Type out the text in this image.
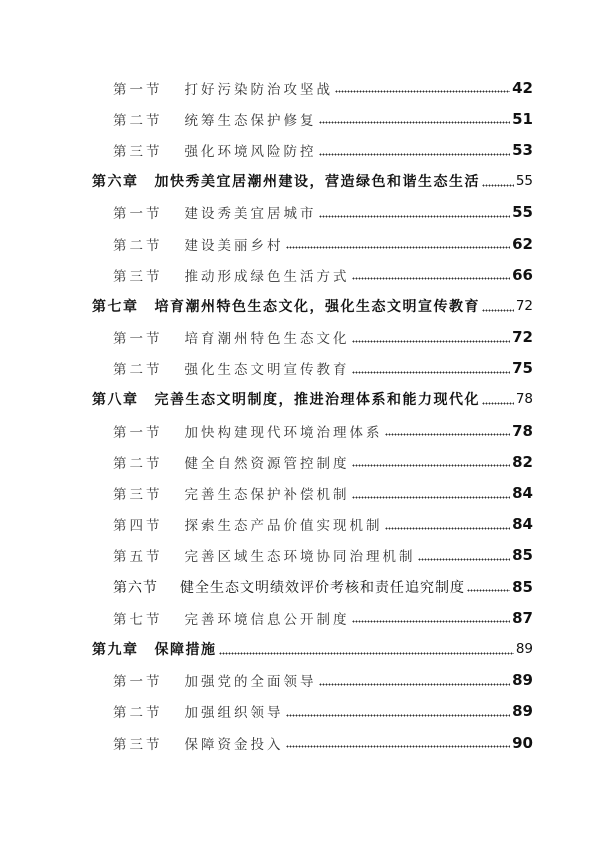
第一节 打好污染防治攻坚战	42
第二节 统筹生态保护修复	51
第三节 强化环境风险防控	53
第六章 加快秀美宜居潮州建设，营造绿色和谐生态生活	55
第一节 建设秀美宜居城市	55
第二节 建设美丽乡村	62
第三节 推动形成绿色生活方式	66
第七章 培育潮州特色生态文化，强化生态文明宣传教育	72
第一节 培育潮州特色生态文化	72
第二节 强化生态文明宣传教育	75
第八章 完善生态文明制度，推进治理体系和能力现代化	78
第一节 加快构建现代环境治理体系	78
第二节 健全自然资源管控制度	82
第三节 完善生态保护补偿机制	84
第四节 探索生态产品价值实现机制	84
第五节 完善区域生态环境协同治理机制	85
第六节 健全生态文明绩效评价考核和责任追究制度	85
第七节 完善环境信息公开制度	87
第九章 保障措施	89
第一节 加强党的全面领导	89
第二节 加强组织领导	89
第三节 保障资金投入	90
